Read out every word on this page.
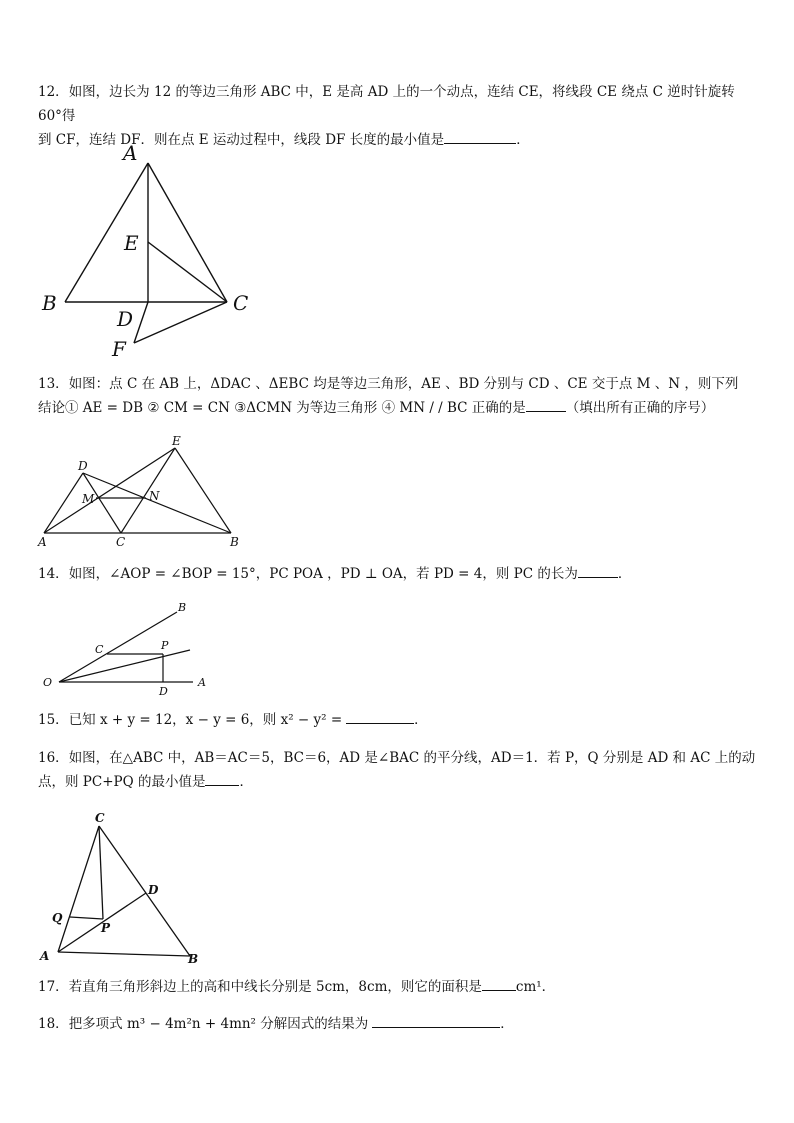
12．如图，边长为 12 的等边三角形 ABC 中，E 是高 AD 上的一个动点，连结 CE，将线段 CE 绕点 C 逆时针旋转 60°得

到 CF，连结 DF．则在点 E 运动过程中，线段 DF 长度的最小值是	．

A
E
B	C
D
F

13．如图：点 C 在 AB 上，ΔDAC 、ΔEBC 均是等边三角形，AE 、BD 分别与 CD 、CE 交于点 M 、N ，则下列

结论① AE = DB ② CM = CN ③ΔCMN 为等边三角形 ④ MN / / BC 正确的是	（填出所有正确的序号）

D
E
M	N
A	C	B

14．如图，∠AOP = ∠BOP = 15°，PC POA ，PD ⊥ OA，若 PD = 4，则 PC 的长为	．

B
C	P
O
D
A

15．已知 x + y = 12，x − y = 6，则 x² − y² =	．

16．如图，在△ABC 中，AB＝AC＝5，BC＝6，AD 是∠BAC 的平分线，AD＝1．若 P，Q 分别是 AD 和 AC 上的动

点，则 PC+PQ 的最小值是	．

C
D
Q
P
A	B

17．若直角三角形斜边上的高和中线长分别是 5cm，8cm，则它的面积是	cm¹．

18．把多项式 m³ − 4m²n + 4mn² 分解因式的结果为	．
